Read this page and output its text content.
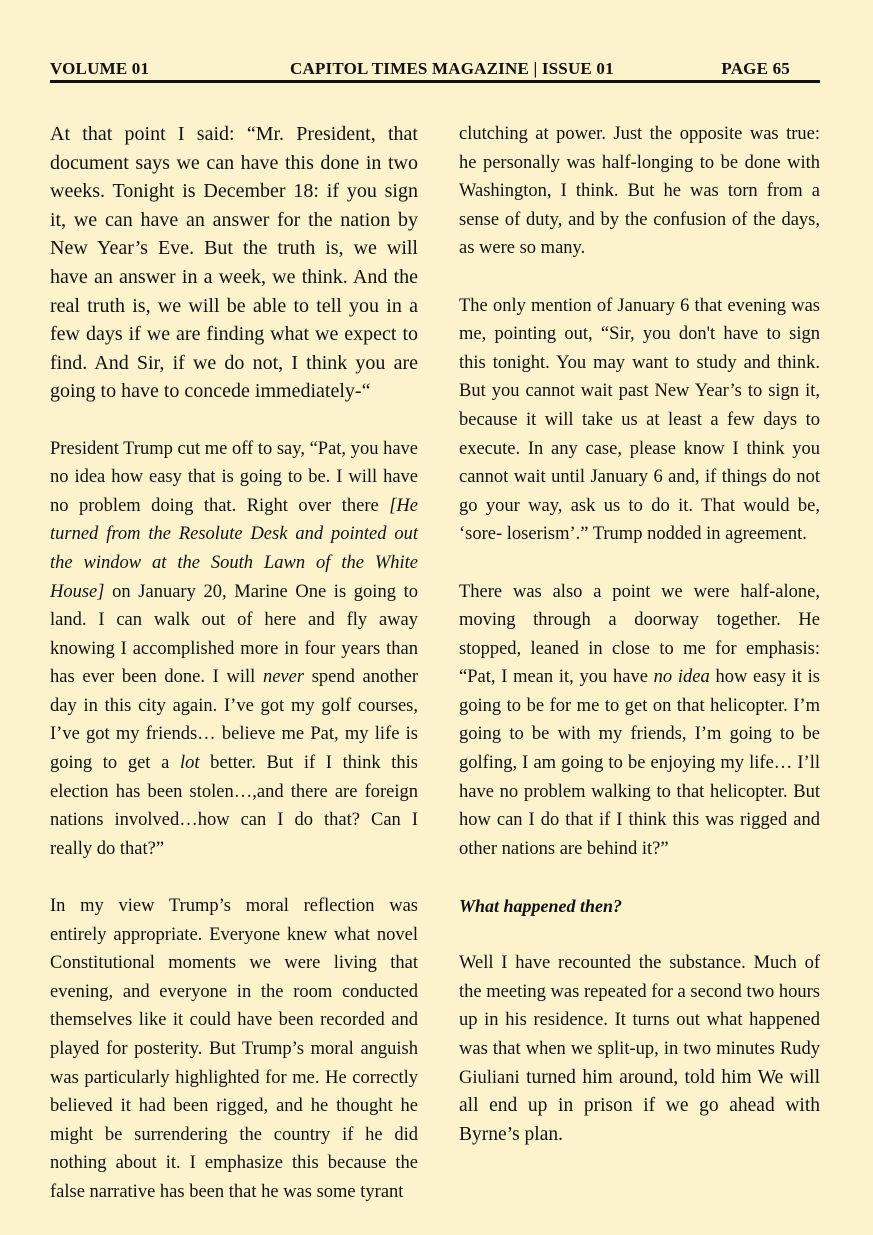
VOLUME 01	CAPITOL TIMES MAGAZINE | ISSUE 01	PAGE 65

At that point I said: “Mr. President, that document says we can have this done in two weeks. Tonight is December 18: if you sign it, we can have an answer for the nation by New Year’s Eve. But the truth is, we will have an answer in a week, we think. And the real truth is, we will be able to tell you in a few days if we are finding what we expect to find. And Sir, if we do not, I think you are going to have to concede immediately-“

President Trump cut me off to say, “Pat, you have no idea how easy that is going to be. I will have no problem doing that. Right over there [He turned from the Resolute Desk and pointed out the window at the South Lawn of the White House] on January 20, Marine One is going to land. I can walk out of here and fly away knowing I accomplished more in four years than has ever been done. I will never spend another day in this city again. I’ve got my golf courses, I’ve got my friends… believe me Pat, my life is going to get a lot better. But if I think this election has been stolen…,and there are foreign nations involved…how can I do that? Can I really do that?”

In my view Trump’s moral reflection was entirely appropriate. Everyone knew what novel Constitutional moments we were living that evening, and everyone in the room conducted themselves like it could have been recorded and played for posterity. But Trump’s moral anguish was particularly highlighted for me. He correctly believed it had been rigged, and he thought he might be surrendering the country if he did nothing about it. I emphasize this because the false narrative has been that he was some tyrant

clutching at power. Just the opposite was true: he personally was half-longing to be done with Washington, I think. But he was torn from a sense of duty, and by the confusion of the days, as were so many.

The only mention of January 6 that evening was me, pointing out, “Sir, you don't have to sign this tonight. You may want to study and think. But you cannot wait past New Year’s to sign it, because it will take us at least a few days to execute. In any case, please know I think you cannot wait until January 6 and, if things do not go your way, ask us to do it. That would be, ‘sore- loserism’.” Trump nodded in agreement.

There was also a point we were half-alone, moving through a doorway together. He stopped, leaned in close to me for emphasis: “Pat, I mean it, you have no idea how easy it is going to be for me to get on that helicopter. I’m going to be with my friends, I’m going to be golfing, I am going to be enjoying my life… I’ll have no problem walking to that helicopter. But how can I do that if I think this was rigged and other nations are behind it?”

What happened then?

Well I have recounted the substance. Much of the meeting was repeated for a second two hours up in his residence. It turns out what happened was that when we split-up, in two minutes Rudy Giuliani turned him around, told him We will all end up in prison if we go ahead with Byrne’s plan.
